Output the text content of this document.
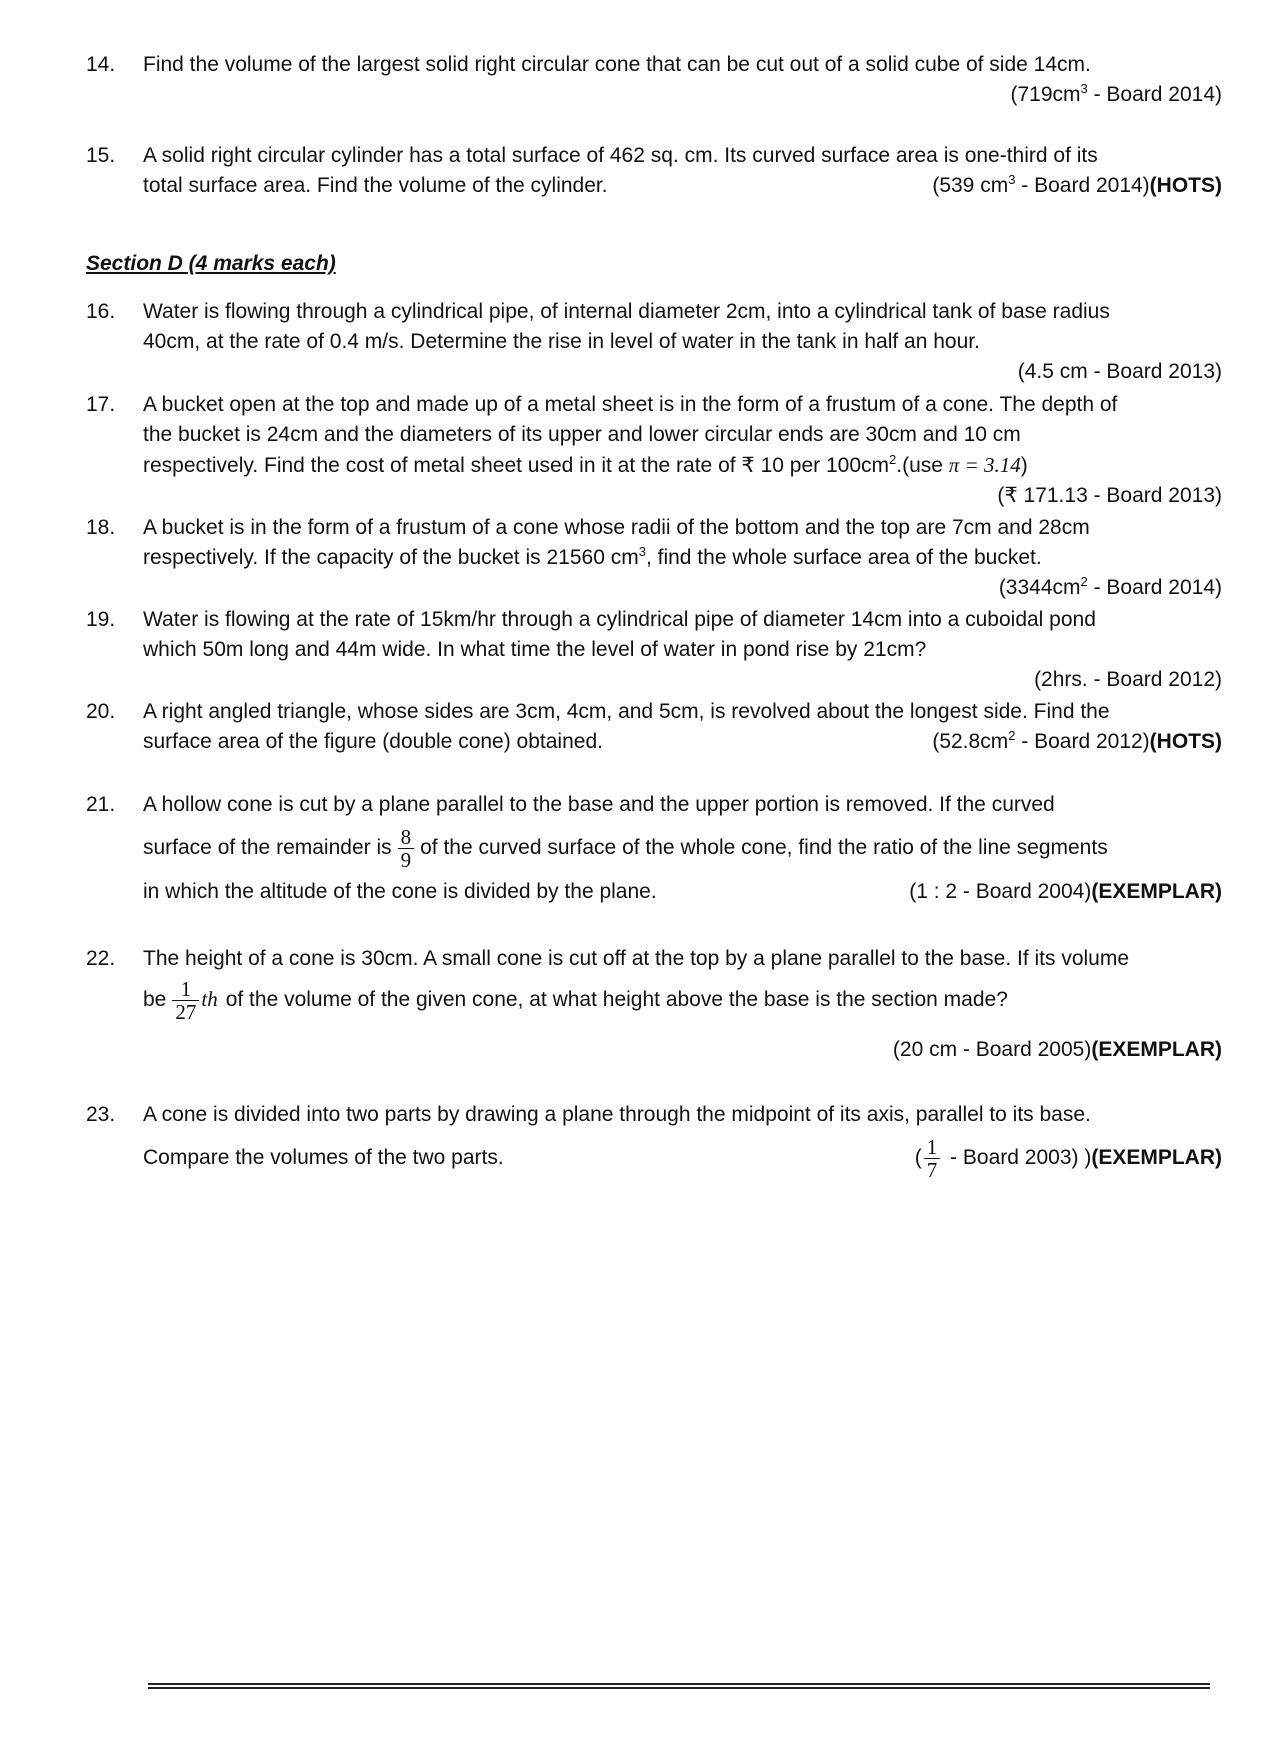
14.	Find the volume of the largest solid right circular cone that can be cut out of a solid cube of side 14cm.
($719cm^3$ - Board 2014)
15.	A solid right circular cylinder has a total surface of 462 sq. cm. Its curved surface area is one-third of its
total surface area. Find the volume of the cylinder.	(539 $cm^3$ - Board 2014)(HOTS)
Section D (4 marks each)
16.	Water is flowing through a cylindrical pipe, of internal diameter 2cm, into a cylindrical tank of base radius
40cm, at the rate of 0.4 m/s. Determine the rise in level of water in the tank in half an hour.
(4.5 cm - Board 2013)
17.	A bucket open at the top and made up of a metal sheet is in the form of a frustum of a cone. The depth of
the bucket is 24cm and the diameters of its upper and lower circular ends are 30cm and 10 cm
respectively. Find the cost of metal sheet used in it at the rate of ₹ 10 per $100cm^2.(use$ π = 3.14)
(₹ 171.13 - Board 2013)
18.	A bucket is in the form of a frustum of a cone whose radii of the bottom and the top are 7cm and 28cm
respectively. If the capacity of the bucket is 21560 $cm^3$, find the whole surface area of the bucket.
($3344cm^2$ - Board 2014)
19.	Water is flowing at the rate of 15km/hr through a cylindrical pipe of diameter 14cm into a cuboidal pond
which 50m long and 44m wide. In what time the level of water in pond rise by 21cm?
(2hrs. - Board 2012)
20.	A right angled triangle, whose sides are 3cm, 4cm, and 5cm, is revolved about the longest side. Find the
surface area of the figure (double cone) obtained.	($52.8cm^2$ - Board 2012)(HOTS)
21.	A hollow cone is cut by a plane parallel to the base and the upper portion is removed. If the curved
surface of the remainder is $\frac{8}{9}$ of the curved surface of the whole cone, find the ratio of the line segments
in which the altitude of the cone is divided by the plane.	(1 : 2 - Board 2004)(EXEMPLAR)
22.	The height of a cone is 30cm. A small cone is cut off at the top by a plane parallel to the base. If its volume
be $\frac{1}{27}$ th of the volume of the given cone, at what height above the base is the section made?
(20 cm - Board 2005)(EXEMPLAR)
23.	A cone is divided into two parts by drawing a plane through the midpoint of its axis, parallel to its base.
Compare the volumes of the two parts.	( $\frac{1}{7}$ - Board 2003) )(EXEMPLAR)
